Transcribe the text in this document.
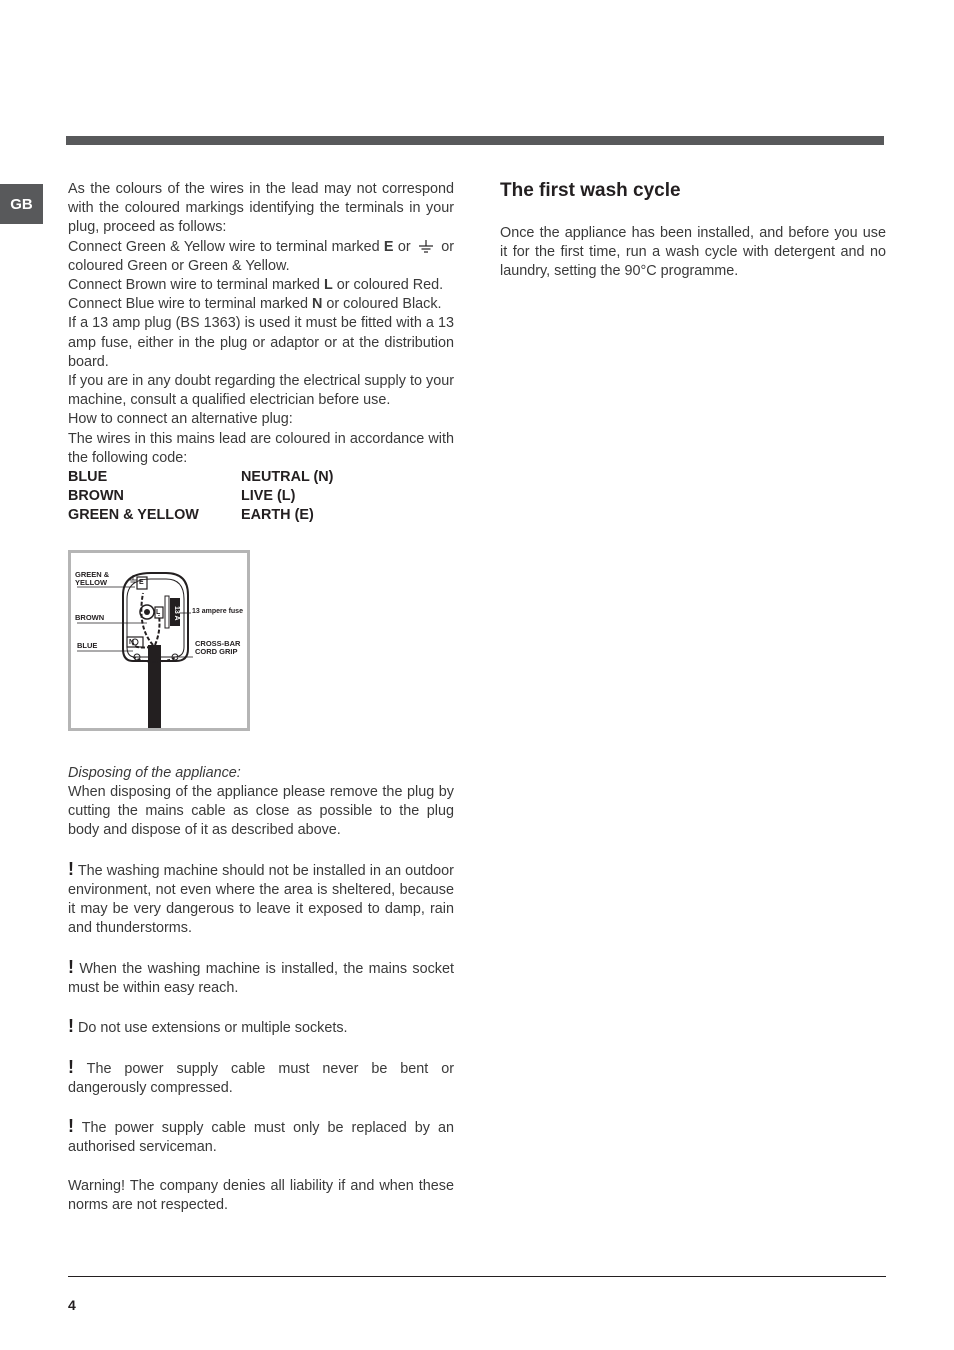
GB

As the colours of the wires in the lead may not correspond with the coloured markings identifying the terminals in your plug, proceed as follows:

Connect Green & Yellow wire to terminal marked E or  or coloured Green or Green & Yellow.

Connect Brown wire to terminal marked L or coloured Red.

Connect Blue wire to terminal marked N or coloured Black.

If a 13 amp plug (BS 1363) is used it must be fitted with a 13 amp fuse, either in the plug or adaptor or at the distribution board.

If you are in any doubt regarding the electrical supply to your machine, consult a qualified electrician before use.

How to connect an alternative plug:

The wires in this mains lead are coloured in accordance with the following code:

BLUE	NEUTRAL (N)
BROWN	LIVE (L)
GREEN & YELLOW	EARTH (E)
GREEN &
YELLOW
BROWN
BLUE
13 ampere fuse
CROSS-BAR
CORD GRIP
13 A
E
L
N

Disposing of the appliance:

When disposing of the appliance please remove the plug by cutting the mains cable as close as possible to the plug body and dispose of it as described above.

! The washing machine should not be installed in an outdoor environment, not even where the area is sheltered, because it may be very dangerous to leave it exposed to damp, rain and thunderstorms.

! When the washing machine is installed, the mains socket must be within easy reach.

! Do not use extensions or multiple sockets.

! The power supply cable must never be bent or dangerously compressed.

! The power supply cable must only be replaced by an authorised serviceman.

Warning! The company denies all liability if and when these norms are not respected.

The first wash cycle

Once the appliance has been installed, and before you use it for the first time, run a wash cycle with detergent and no laundry, setting the 90°C programme.

4
